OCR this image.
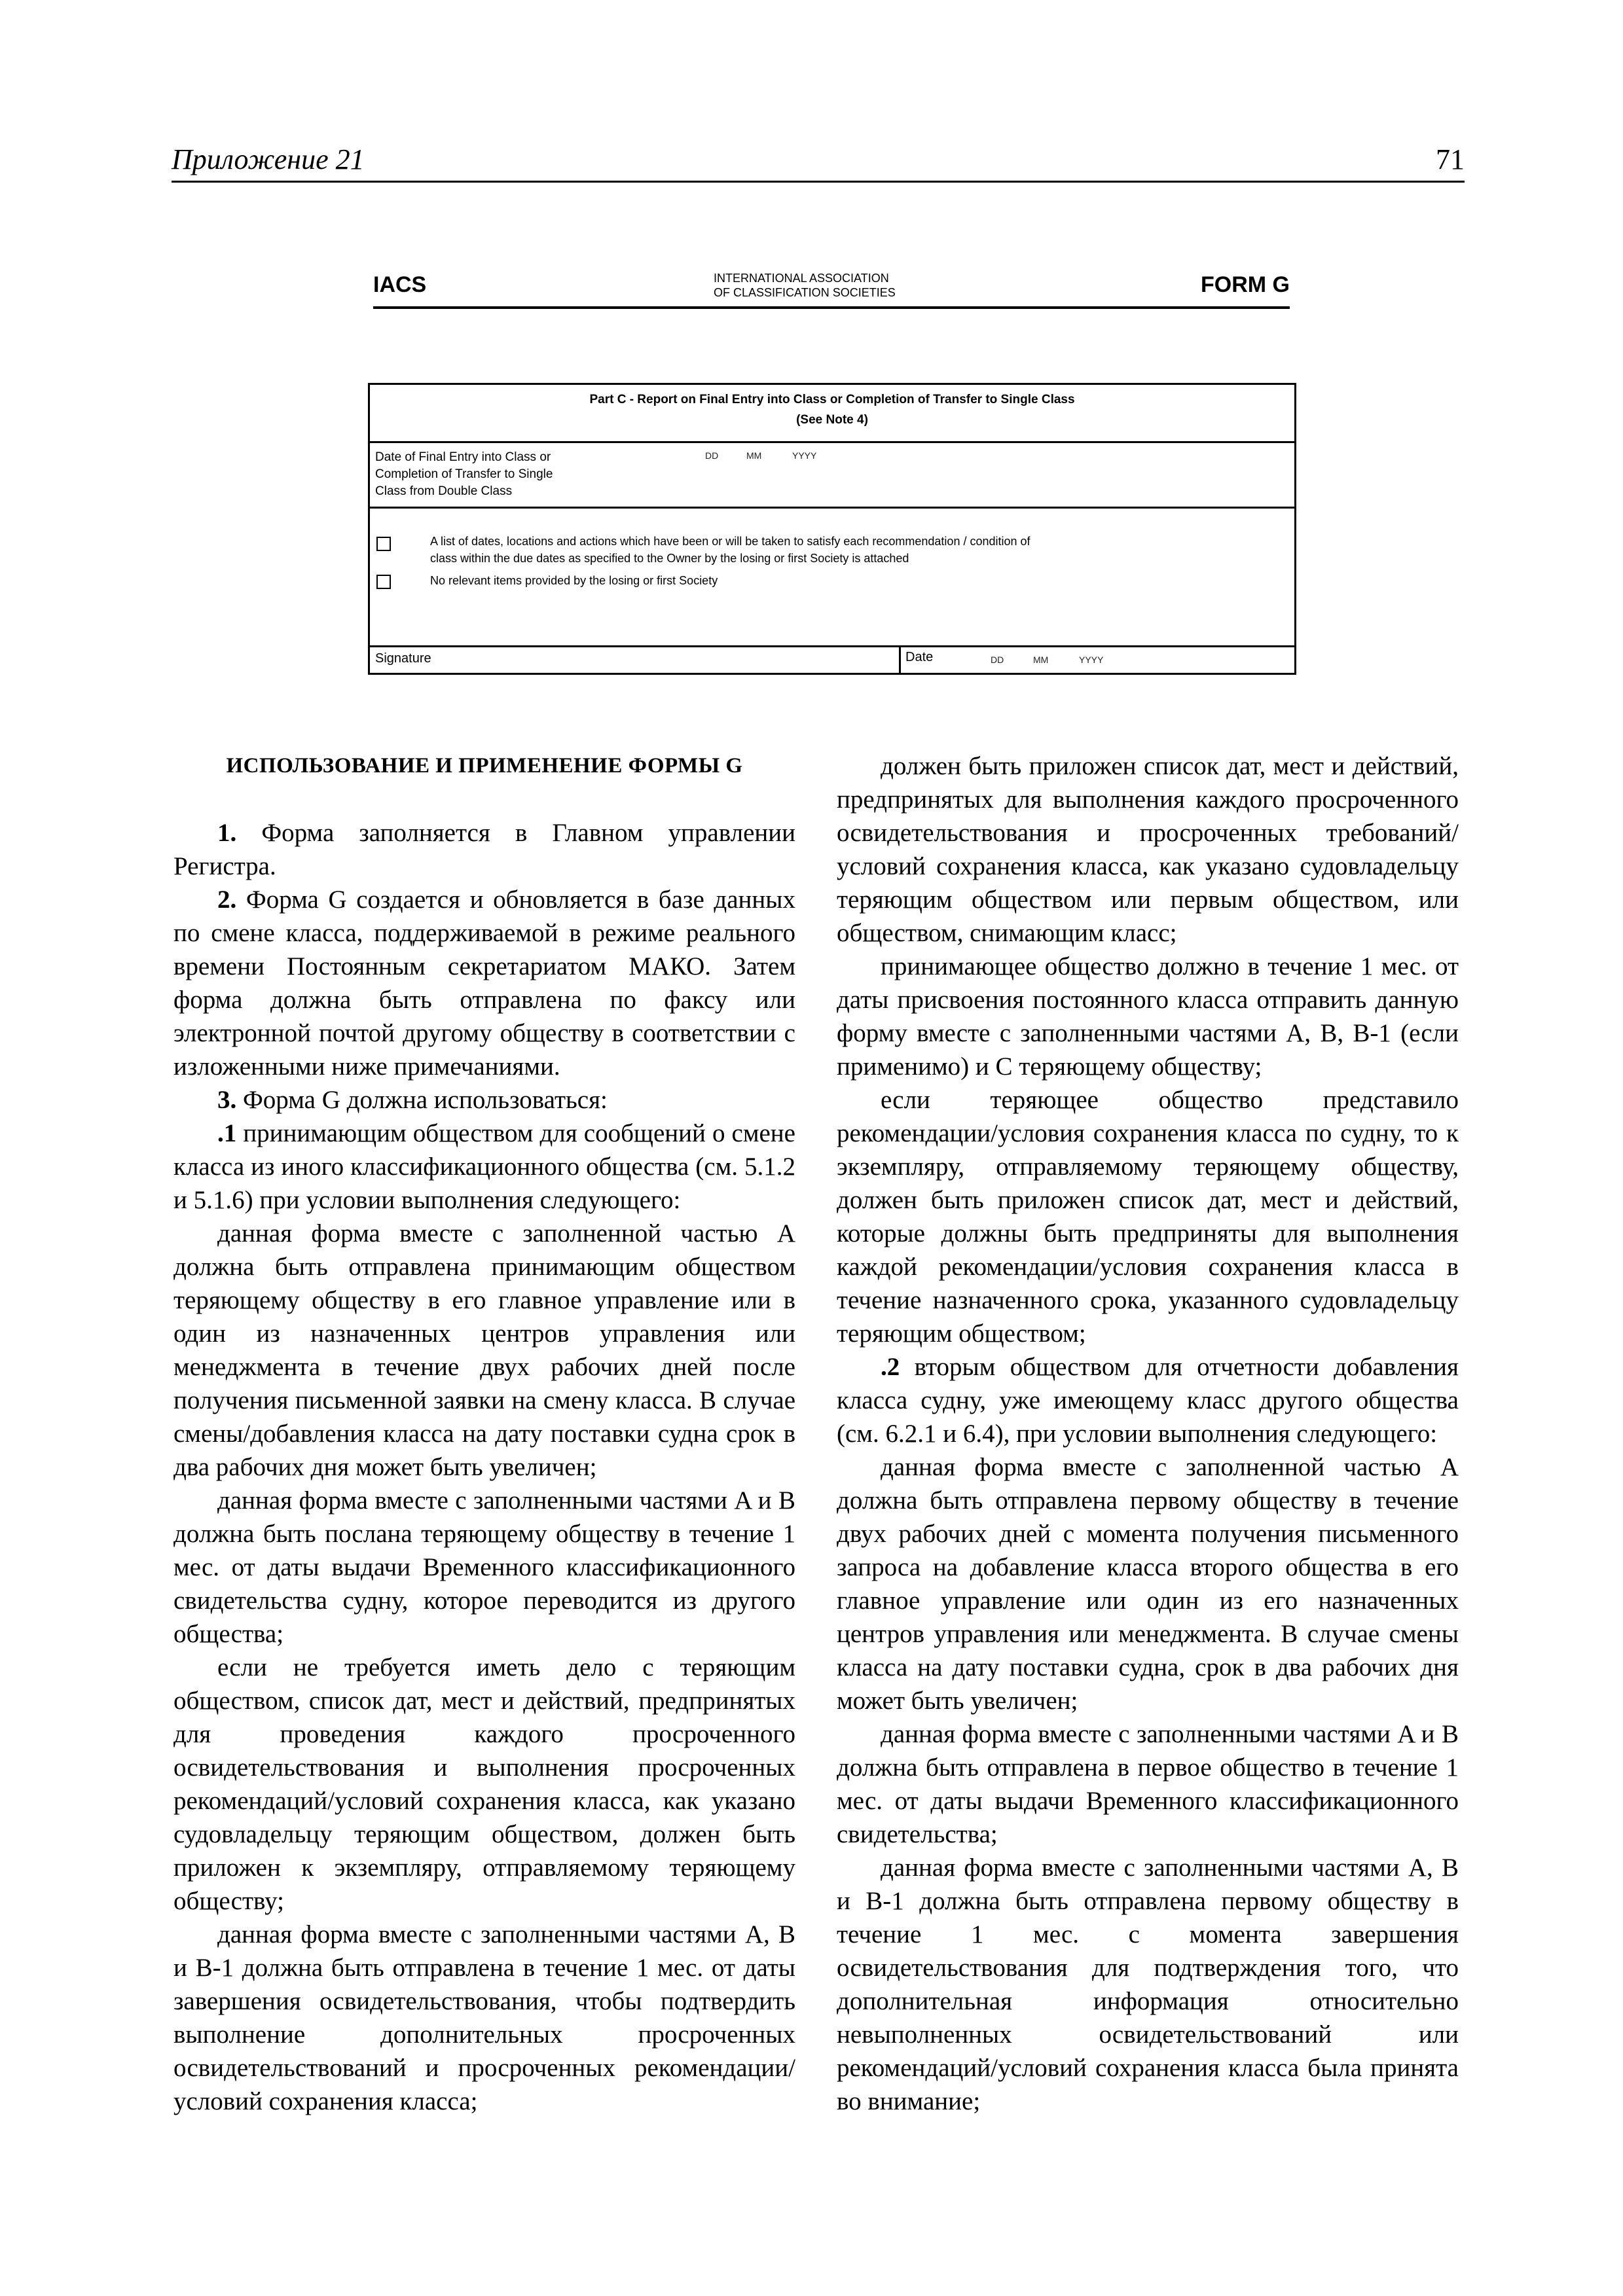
Приложение 21	71
IACS	INTERNATIONAL ASSOCIATION
OF CLASSIFICATION SOCIETIES	FORM G
Part C - Report on Final Entry into Class or Completion of Transfer to Single Class
(See Note 4)
Date of Final Entry into Class or
Completion of Transfer to Single
Class from Double Class
DD	MM	YYYY
A list of dates, locations and actions which have been or will be taken to satisfy each recommendation / condition of
class within the due dates as specified to the Owner by the losing or first Society is attached
No relevant items provided by the losing or first Society
Signature	Date	DD	MM	YYYY

ИСПОЛЬЗОВАНИЕ И ПРИМЕНЕНИЕ ФОРМЫ G

1. Форма заполняется в Главном управлении Регистра.

2. Форма G создается и обновляется в базе данных по смене класса, поддерживаемой в режиме реального времени Постоянным секретариатом МАКО. Затем форма должна быть отправлена по факсу или электронной почтой другому обществу в соответствии с изложенными ниже примечаниями.

3. Форма G должна использоваться:

.1 принимающим обществом для сообщений о смене класса из иного классификационного общества (см. 5.1.2 и 5.1.6) при условии выполнения следующего:

данная форма вместе с заполненной частью A должна быть отправлена принимающим обществом теряющему обществу в его главное управление или в один из назначенных центров управления или менеджмента в течение двух рабочих дней после получения письменной заявки на смену класса. В случае смены/добавления класса на дату поставки судна срок в два рабочих дня может быть увеличен;

данная форма вместе с заполненными частями A и B должна быть послана теряющему обществу в течение 1 мес. от даты выдачи Временного классификационного свидетельства судну, которое переводится из другого общества;

если не требуется иметь дело с теряющим обществом, список дат, мест и действий, предпринятых для проведения каждого просроченного освидетельствования и выполнения просроченных рекомендаций/условий сохранения класса, как указано судовладельцу теряющим обществом, должен быть приложен к экземпляру, отправляемому теряющему обществу;

данная форма вместе с заполненными частями A, B и B-1 должна быть отправлена в течение 1 мес. от даты завершения освидетельствования, чтобы подтвердить выполнение дополнительных просроченных освидетельствований и просроченных рекомендации/условий сохранения класса;

должен быть приложен список дат, мест и действий, предпринятых для выполнения каждого просроченного освидетельствования и просроченных требований/условий сохранения класса, как указано судовладельцу теряющим обществом или первым обществом, или обществом, снимающим класс;

принимающее общество должно в течение 1 мес. от даты присвоения постоянного класса отправить данную форму вместе с заполненными частями A, B, B-1 (если применимо) и C теряющему обществу;

если теряющее общество представило рекомендации/условия сохранения класса по судну, то к экземпляру, отправляемому теряющему обществу, должен быть приложен список дат, мест и действий, которые должны быть предприняты для выполнения каждой рекомендации/условия сохранения класса в течение назначенного срока, указанного судовладельцу теряющим обществом;

.2 вторым обществом для отчетности добавления класса судну, уже имеющему класс другого общества (см. 6.2.1 и 6.4), при условии выполнения следующего:

данная форма вместе с заполненной частью A должна быть отправлена первому обществу в течение двух рабочих дней с момента получения письменного запроса на добавление класса второго общества в его главное управление или один из его назначенных центров управления или менеджмента. В случае смены класса на дату поставки судна, срок в два рабочих дня может быть увеличен;

данная форма вместе с заполненными частями A и B должна быть отправлена в первое общество в течение 1 мес. от даты выдачи Временного классификационного свидетельства;

данная форма вместе с заполненными частями A, B и B-1 должна быть отправлена первому обществу в течение 1 мес. с момента завершения освидетельствования для подтверждения того, что дополнительная информация относительно невыполненных освидетельствований или рекомендаций/условий сохранения класса была принята во внимание;
